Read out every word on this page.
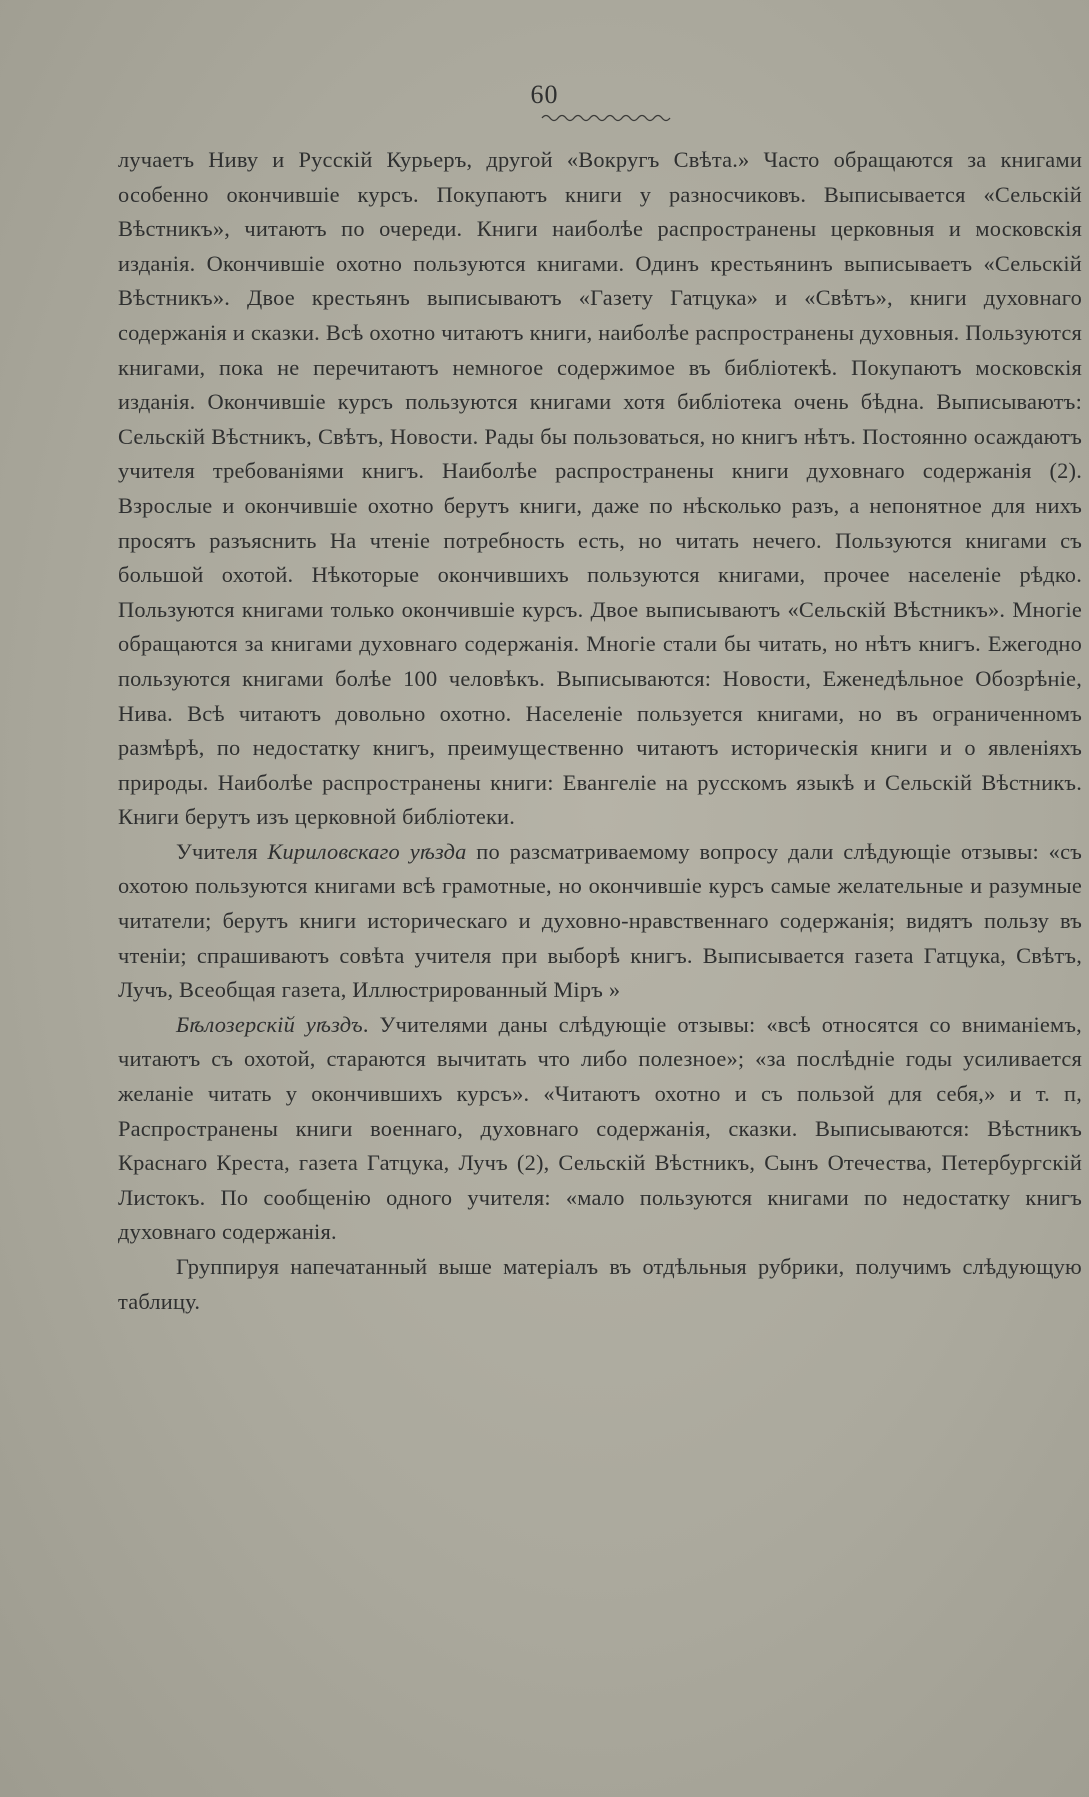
60

лучаетъ Ниву и Русскій Курьеръ, другой «Вокругъ Свѣта.» Часто обращаются за книгами особенно окончившіе курсъ. Покупаютъ книги у разносчиковъ. Выписывается «Сельскій Вѣстникъ», читаютъ по очереди. Книги наиболѣе распространены церковныя и московскія изданія. Окончившіе охотно пользуются книгами. Одинъ крестьянинъ выписываетъ «Сельскій Вѣстникъ». Двое крестьянъ выписываютъ «Газету Гатцука» и «Свѣтъ», книги духовнаго содержанія и сказки. Всѣ охотно читаютъ книги, наиболѣе распространены духовныя. Пользуются книгами, пока не перечитаютъ немногое содержимое въ библіотекѣ. Покупаютъ московскія изданія. Окончившіе курсъ пользуются книгами хотя библіотека очень бѣдна. Выписываютъ: Сельскій Вѣстникъ, Свѣтъ, Новости. Рады бы пользоваться, но книгъ нѣтъ. Постоянно осаждаютъ учителя требованіями книгъ. Наиболѣе распространены книги духовнаго содержанія (2). Взрослые и окончившіе охотно берутъ книги, даже по нѣсколько разъ, а непонятное для нихъ просятъ разъяснить На чтеніе потребность есть, но читать нечего. Пользуются книгами съ большой охотой. Нѣкоторые окончившихъ пользуются книгами, прочее населеніе рѣдко. Пользуются книгами только окончившіе курсъ. Двое выписываютъ «Сельскій Вѣстникъ». Многіе обращаются за книгами духовнаго содержанія. Многіе стали бы читать, но нѣтъ книгъ. Ежегодно пользуются книгами болѣе 100 человѣкъ. Выписываются: Новости, Еженедѣльное Обозрѣніе, Нива. Всѣ читаютъ довольно охотно. Населеніе пользуется книгами, но въ ограниченномъ размѣрѣ, по недостатку книгъ, преимущественно читаютъ историческія книги и о явленіяхъ природы. Наиболѣе распространены книги: Евангеліе на русскомъ языкѣ и Сельскій Вѣстникъ. Книги берутъ изъ церковной библіотеки.

Учителя Кириловскаго уѣзда по разсматриваемому вопросу дали слѣдующіе отзывы: «съ охотою пользуются книгами всѣ грамотные, но окончившіе курсъ самые желательные и разумные читатели; берутъ книги историческаго и духовно-нравственнаго содержанія; видятъ пользу въ чтеніи; спрашиваютъ совѣта учителя при выборѣ книгъ. Выписывается газета Гатцука, Свѣтъ, Лучъ, Всеобщая газета, Иллюстрированный Міръ »

Бѣлозерскій уѣздъ. Учителями даны слѣдующіе отзывы: «всѣ относятся со вниманіемъ, читаютъ съ охотой, стараются вычитать что либо полезное»; «за послѣдніе годы усиливается желаніе читать у окончившихъ курсъ». «Читаютъ охотно и съ пользой для себя,» и т. п, Распространены книги военнаго, духовнаго содержанія, сказки. Выписываются: Вѣстникъ Краснаго Креста, газета Гатцука, Лучъ (2), Сельскій Вѣстникъ, Сынъ Отечества, Петербургскій Листокъ. По сообщенію одного учителя: «мало пользуются книгами по недостатку книгъ духовнаго содержанія.

Группируя напечатанный выше матеріалъ въ отдѣльныя рубрики, получимъ слѣдующую таблицу.
